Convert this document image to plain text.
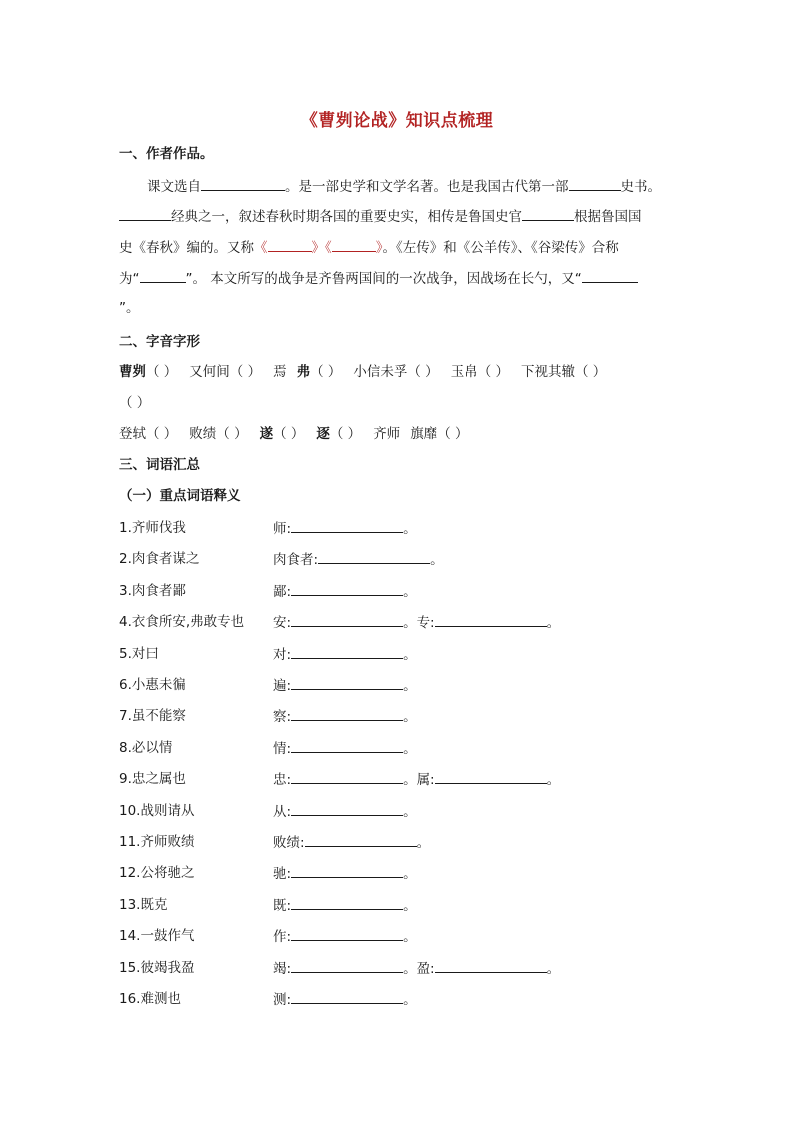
《曹刿论战》知识点梳理
一、作者作品。
课文选自	。是一部史学和文学名著。也是我国古代第一部	史书。
经典之一，叙述春秋时期各国的重要史实，相传是鲁国史官	根据鲁国国
史《春秋》编的。又称《	》《	》。《左传》和《公羊传》、《谷梁传》合称
为“	”。 本文所写的战争是齐鲁两国间的一次战争，因战场在长勺，又“
”。
二、字音字形
曹刿（ ） 又何间（ ） 焉 弗（ ） 小信未孚（ ） 玉帛（ ） 下视其辙（ ）
（ ）
登轼（ ） 败绩（ ） 遂（ ） 逐（ ） 齐师 旗靡（ ）
三、词语汇总
（一）重点词语释义
1.齐师伐我	师:	。
2.肉食者谋之	肉食者:	。
3.肉食者鄙	鄙:	。
4.衣食所安,弗敢专也 安:	。专:	。
5.对曰	对:	。
6.小惠未徧	遍:	。
7.虽不能察	察:	。
8.必以情	情:	。
9.忠之属也	忠:	。属:	。
10.战则请从	从:	。
11.齐师败绩	败绩:	。
12.公将驰之	驰:	。
13.既克	既:	。
14.一鼓作气	作:	。
15.彼竭我盈	竭:	。盈:	。
16.难测也	测:	。
